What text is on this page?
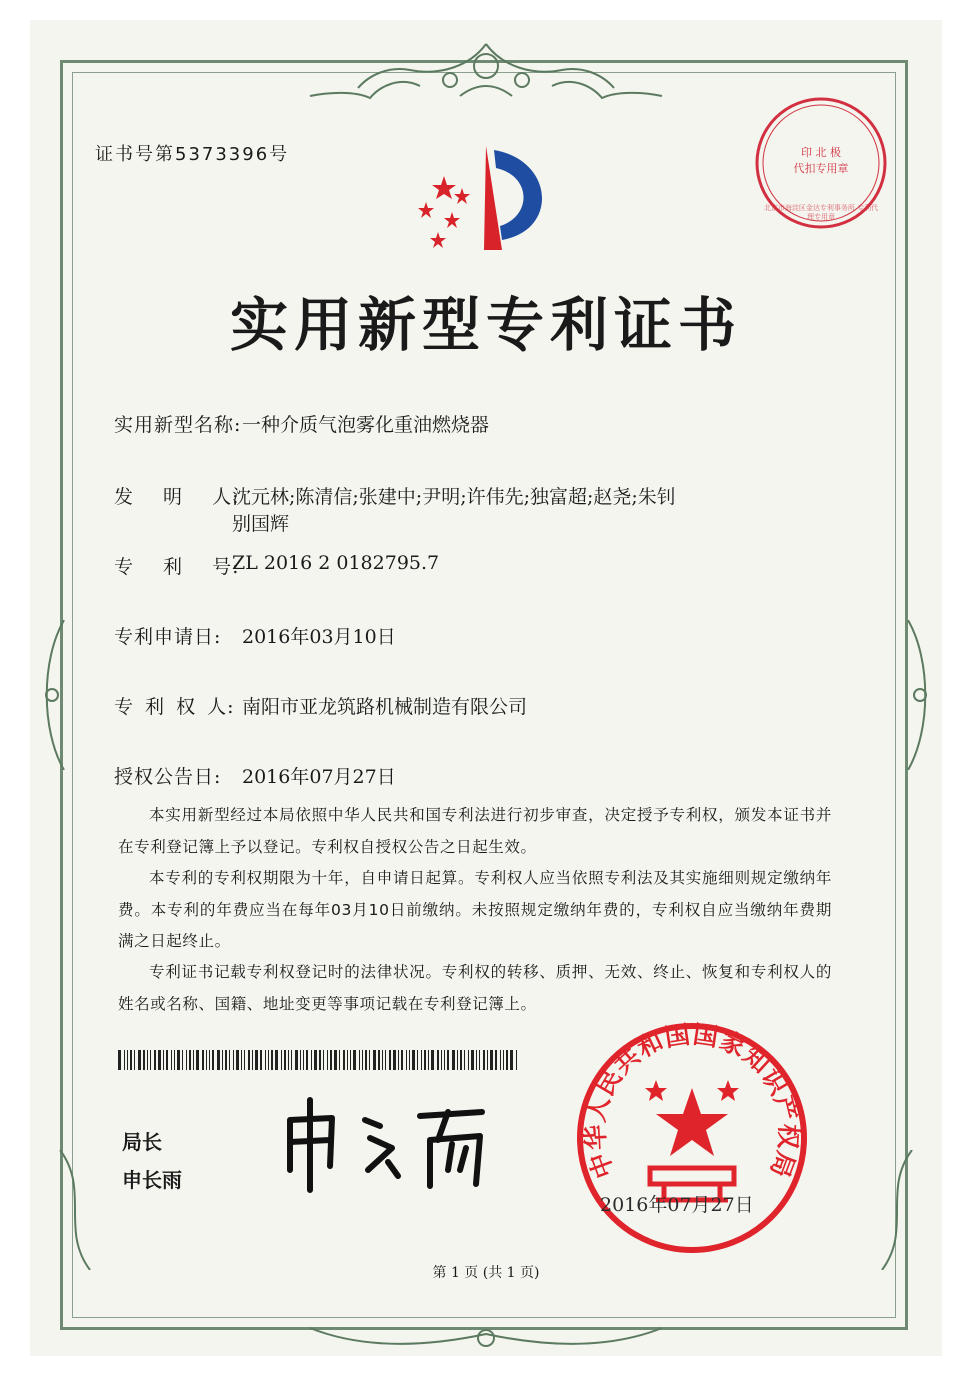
证书号第5373396号	印 北 极
代扣专用章
北京市海淀区金达专利事务所 专利代理专用章
实用新型专利证书
实用新型名称: 一种介质气泡雾化重油燃烧器
发 明 人:
沈元林;陈清信;张建中;尹明;许伟先;独富超;赵尧;朱钊
别国辉
专 利 号:
ZL 2016 2 0182795.7
专利申请日: 2016年03月10日
专 利 权 人: 南阳市亚龙筑路机械制造有限公司
授权公告日: 2016年07月27日
本实用新型经过本局依照中华人民共和国专利法进行初步审查，决定授予专利权，颁发本证书并在专利登记簿上予以登记。专利权自授权公告之日起生效。
本专利的专利权期限为十年，自申请日起算。专利权人应当依照专利法及其实施细则规定缴纳年费。本专利的年费应当在每年03月10日前缴纳。未按照规定缴纳年费的，专利权自应当缴纳年费期满之日起终止。
专利证书记载专利权登记时的法律状况。专利权的转移、质押、无效、终止、恢复和专利权人的姓名或名称、国籍、地址变更等事项记载在专利登记簿上。
局长
申长雨	中华人民共和国国家知识产权局
2016年07月27日
第 1 页 (共 1 页)
